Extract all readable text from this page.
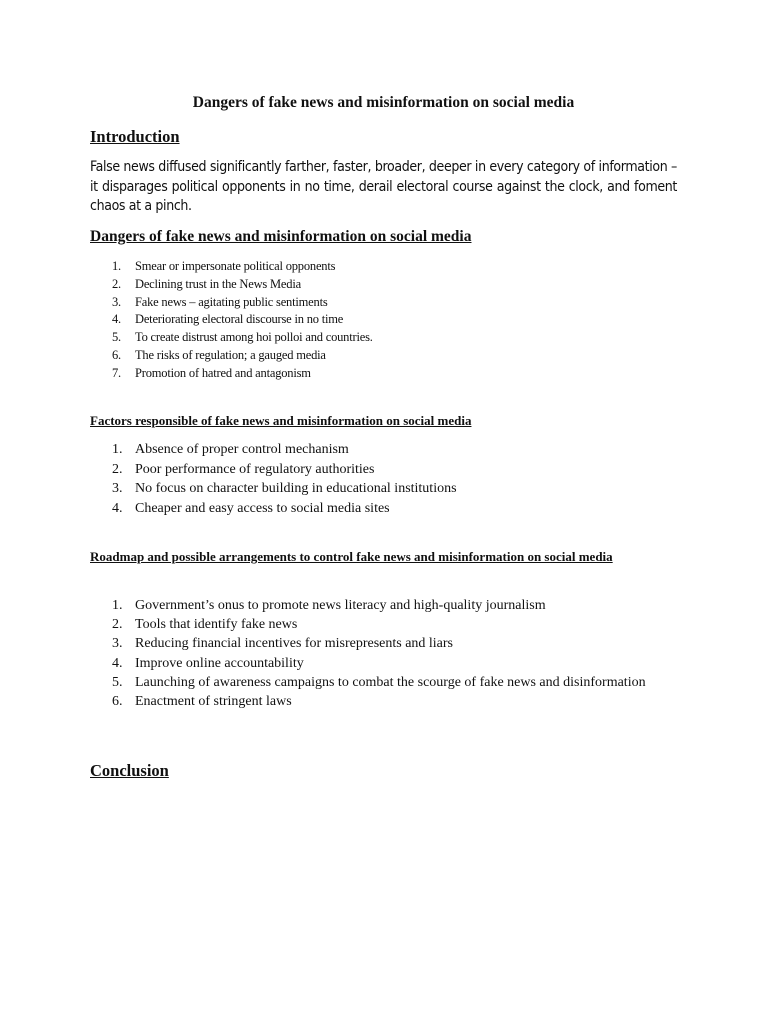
Dangers of fake news and misinformation on social media
Introduction

False news diffused significantly farther, faster, broader, deeper in every category of information – it disparages political opponents in no time, derail electoral course against the clock, and foment chaos at a pinch.

Dangers of fake news and misinformation on social media
1. Smear or impersonate political opponents
2. Declining trust in the News Media
3. Fake news – agitating public sentiments
4. Deteriorating electoral discourse in no time
5. To create distrust among hoi polloi and countries.
6. The risks of regulation; a gauged media
7. Promotion of hatred and antagonism
Factors responsible of fake news and misinformation on social media
1. Absence of proper control mechanism
2. Poor performance of regulatory authorities
3. No focus on character building in educational institutions
4. Cheaper and easy access to social media sites
Roadmap and possible arrangements to control fake news and misinformation on social media
1. Government’s onus to promote news literacy and high-quality journalism
2. Tools that identify fake news
3. Reducing financial incentives for misrepresents and liars
4. Improve online accountability
5. Launching of awareness campaigns to combat the scourge of fake news and disinformation
6. Enactment of stringent laws
Conclusion
